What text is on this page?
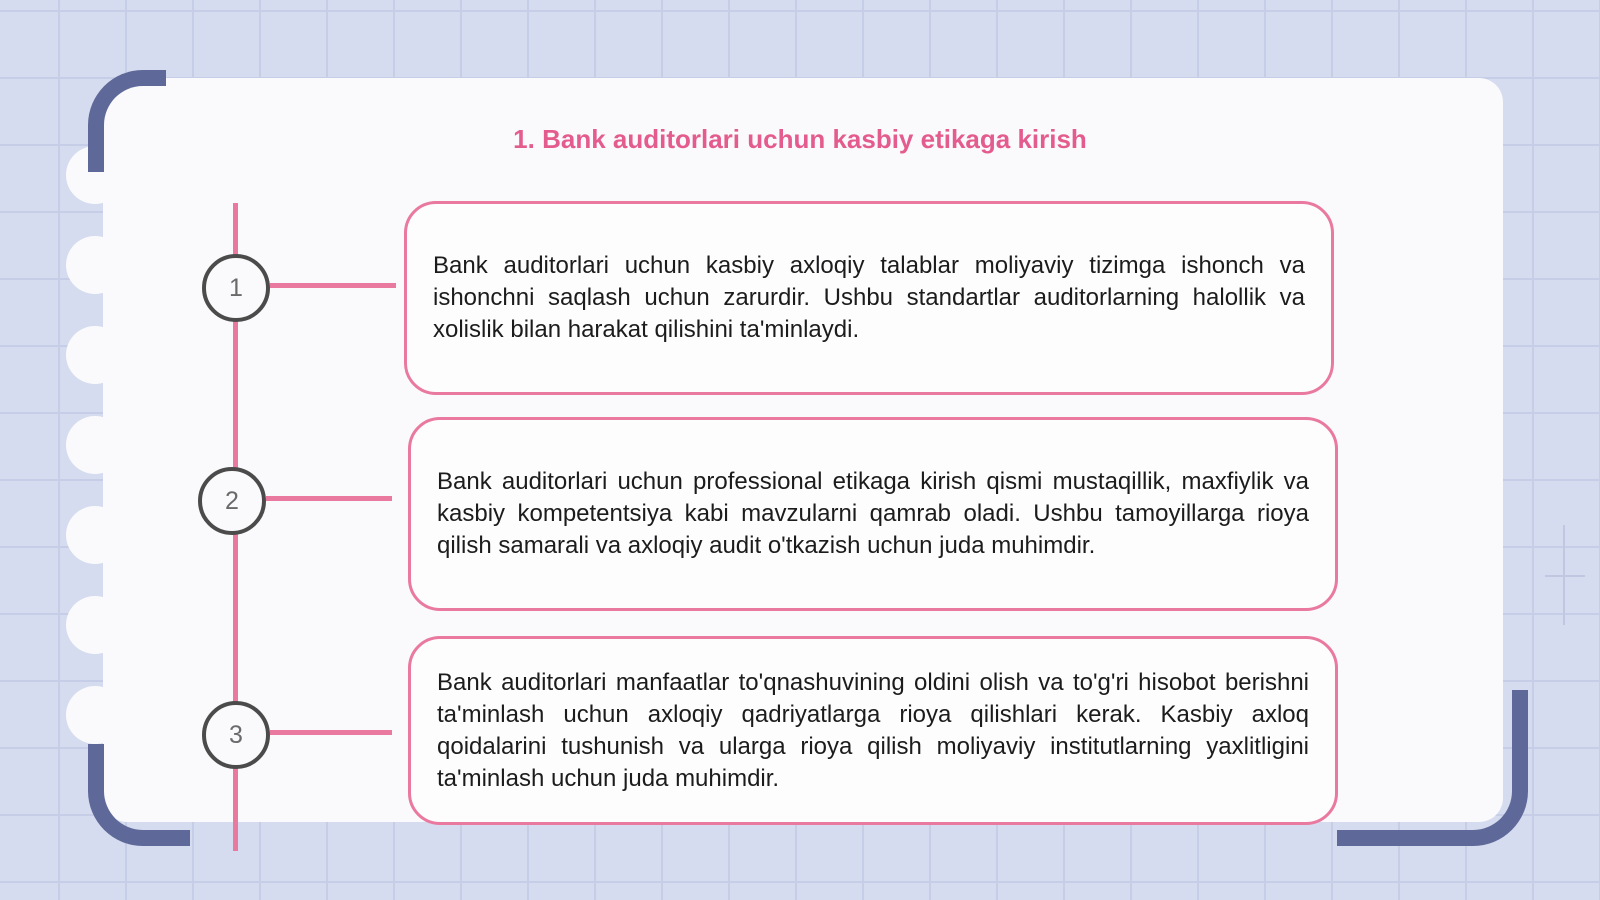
1. Bank auditorlari uchun kasbiy etikaga kirish
1

Bank auditorlari uchun kasbiy axloqiy talablar moliyaviy tizimga ishonch va ishonchni saqlash uchun zarurdir. Ushbu standartlar auditorlarning halollik va xolislik bilan harakat qilishini ta'minlaydi.

2

Bank auditorlari uchun professional etikaga kirish qismi mustaqillik, maxfiylik va kasbiy kompetentsiya kabi mavzularni qamrab oladi. Ushbu tamoyillarga rioya qilish samarali va axloqiy audit o'tkazish uchun juda muhimdir.

3

Bank auditorlari manfaatlar to'qnashuvining oldini olish va to'g'ri hisobot berishni ta'minlash uchun axloqiy qadriyatlarga rioya qilishlari kerak. Kasbiy axloq qoidalarini tushunish va ularga rioya qilish moliyaviy institutlarning yaxlitligini ta'minlash uchun juda muhimdir.
